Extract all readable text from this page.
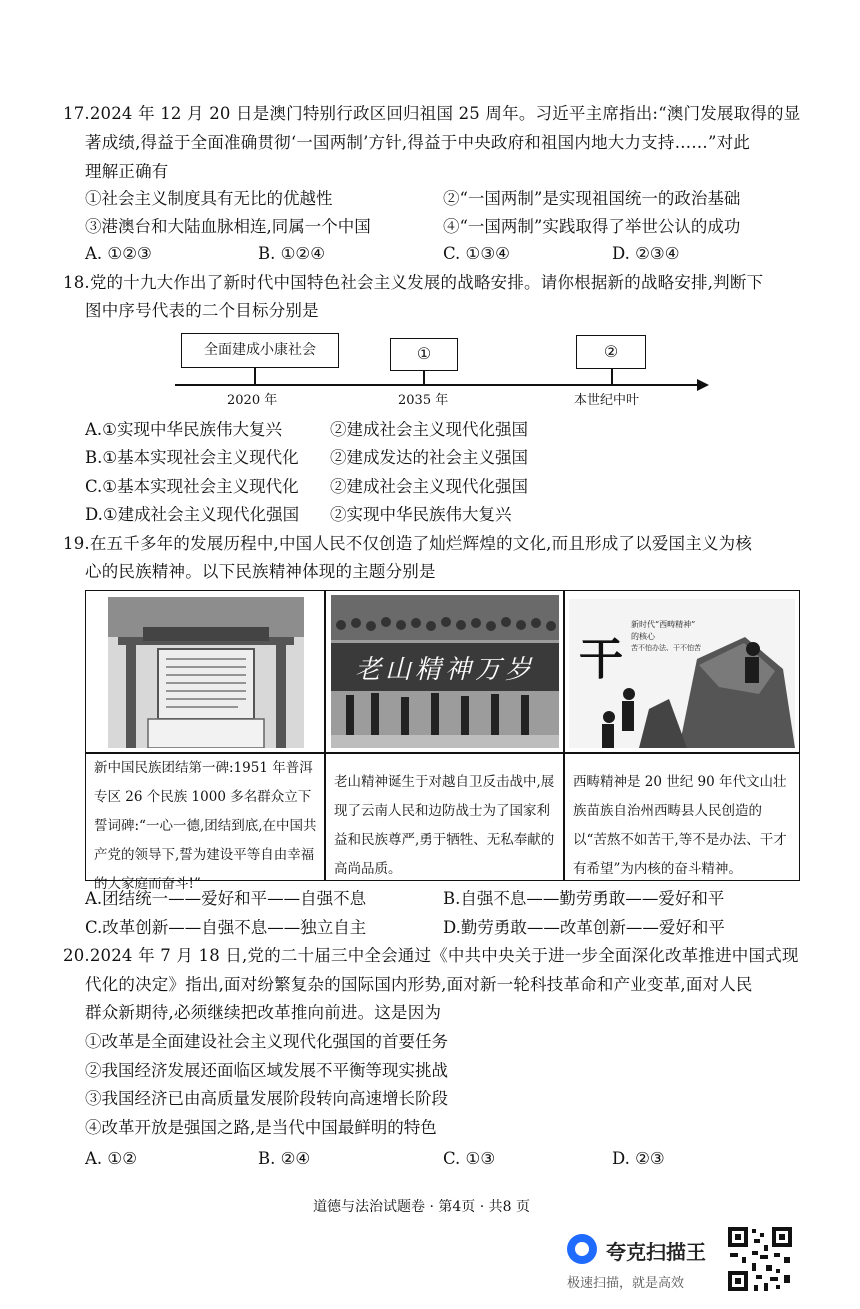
17.2024 年 12 月 20 日是澳门特别行政区回归祖国 25 周年。习近平主席指出:“澳门发展取得的显
著成绩,得益于全面准确贯彻‘一国两制’方针,得益于中央政府和祖国内地大力支持……”对此
理解正确有
①社会主义制度具有无比的优越性	②“一国两制”是实现祖国统一的政治基础
③港澳台和大陆血脉相连,同属一个中国	④“一国两制”实践取得了举世公认的成功
A. ①②③	B. ①②④	C. ①③④	D. ②③④
18.党的十九大作出了新时代中国特色社会主义发展的战略安排。请你根据新的战略安排,判断下
图中序号代表的二个目标分别是
全面建成小康社会	①	②
2020 年	2035 年	本世纪中叶
A.①实现中华民族伟大复兴	②建成社会主义现代化强国
B.①基本实现社会主义现代化 ②建成发达的社会主义强国
C.①基本实现社会主义现代化 ②建成社会主义现代化强国
D.①建成社会主义现代化强国 ②实现中华民族伟大复兴
19.在五千多年的发展历程中,中国人民不仅创造了灿烂辉煌的文化,而且形成了以爱国主义为核
心的民族精神。以下民族精神体现的主题分别是
老山精神万岁	干
新时代“西畴精神”
的核心
苦不怕办法、干不怕苦
新中国民族团结第一碑:1951 年普洱专区 26 个民族 1000 多名群众立下誓词碑:“一心一德,团结到底,在中国共产党的领导下,誓为建设平等自由幸福的大家庭而奋斗!”
老山精神诞生于对越自卫反击战中,展现了云南人民和边防战士为了国家利益和民族尊严,勇于牺牲、无私奉献的高尚品质。
西畴精神是 20 世纪 90 年代文山壮族苗族自治州西畴县人民创造的以“苦熬不如苦干,等不是办法、干才有希望”为内核的奋斗精神。
A.团结统一——爱好和平——自强不息	B.自强不息——勤劳勇敢——爱好和平
C.改革创新——自强不息——独立自主	D.勤劳勇敢——改革创新——爱好和平
20.2024 年 7 月 18 日,党的二十届三中全会通过《中共中央关于进一步全面深化改革推进中国式现
代化的决定》指出,面对纷繁复杂的国际国内形势,面对新一轮科技革命和产业变革,面对人民
群众新期待,必须继续把改革推向前进。这是因为
①改革是全面建设社会主义现代化强国的首要任务
②我国经济发展还面临区域发展不平衡等现实挑战
③我国经济已由高质量发展阶段转向高速增长阶段
④改革开放是强国之路,是当代中国最鲜明的特色
A. ①②	B. ②④	C. ①③	D. ②③
道德与法治试题卷 · 第4页 · 共8 页
夸克扫描王
极速扫描，就是高效
